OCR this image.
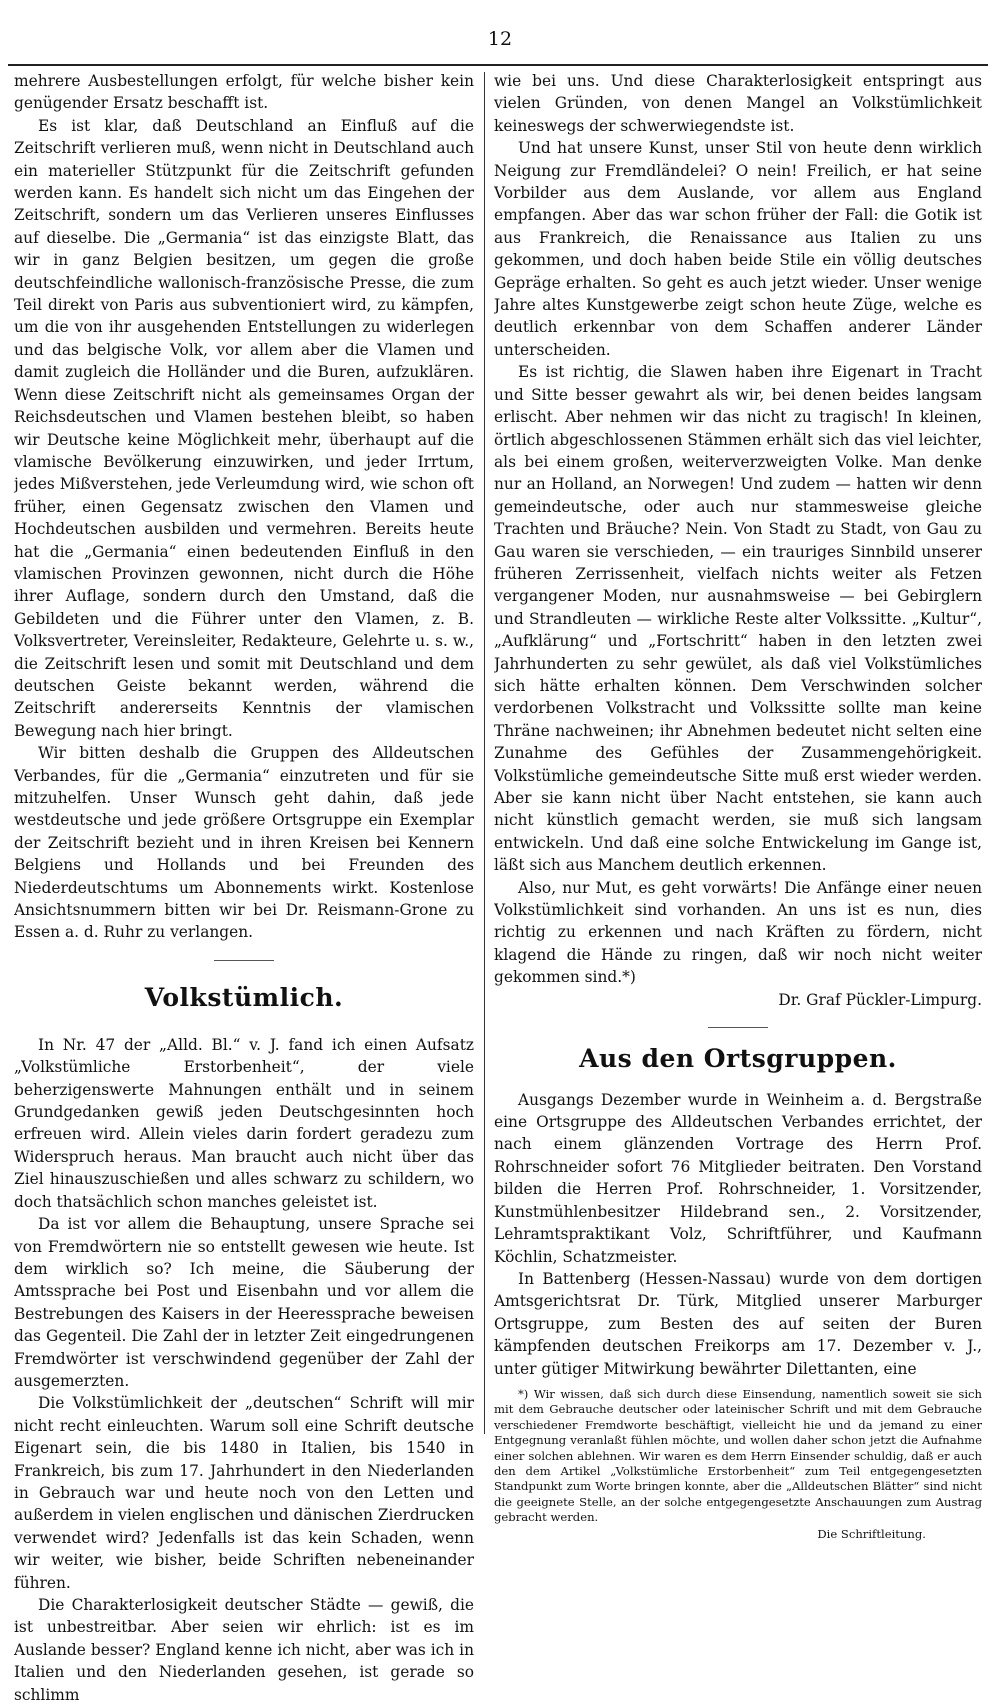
12

mehrere Ausbestellungen erfolgt, für welche bisher kein genügender Ersatz beschafft ist.

Es ist klar, daß Deutschland an Einfluß auf die Zeitschrift verlieren muß, wenn nicht in Deutschland auch ein materieller Stützpunkt für die Zeitschrift gefunden werden kann. Es handelt sich nicht um das Eingehen der Zeitschrift, sondern um das Verlieren unseres Einflusses auf dieselbe. Die „Germania“ ist das einzigste Blatt, das wir in ganz Belgien besitzen, um gegen die große deutschfeindliche wallonisch-französische Presse, die zum Teil direkt von Paris aus subventioniert wird, zu kämpfen, um die von ihr ausgehenden Entstellungen zu widerlegen und das belgische Volk, vor allem aber die Vlamen und damit zugleich die Holländer und die Buren, aufzuklären. Wenn diese Zeitschrift nicht als gemeinsames Organ der Reichsdeutschen und Vlamen bestehen bleibt, so haben wir Deutsche keine Möglichkeit mehr, überhaupt auf die vlamische Bevölkerung einzuwirken, und jeder Irrtum, jedes Mißverstehen, jede Verleumdung wird, wie schon oft früher, einen Gegensatz zwischen den Vlamen und Hochdeutschen ausbilden und vermehren. Bereits heute hat die „Germania“ einen bedeutenden Einfluß in den vlamischen Provinzen gewonnen, nicht durch die Höhe ihrer Auflage, sondern durch den Umstand, daß die Gebildeten und die Führer unter den Vlamen, z. B. Volksvertreter, Vereinsleiter, Redakteure, Gelehrte u. s. w., die Zeitschrift lesen und somit mit Deutschland und dem deutschen Geiste bekannt werden, während die Zeitschrift andererseits Kenntnis der vlamischen Bewegung nach hier bringt.

Wir bitten deshalb die Gruppen des Alldeutschen Verbandes, für die „Germania“ einzutreten und für sie mitzuhelfen. Unser Wunsch geht dahin, daß jede westdeutsche und jede größere Ortsgruppe ein Exemplar der Zeitschrift bezieht und in ihren Kreisen bei Kennern Belgiens und Hollands und bei Freunden des Niederdeutschtums um Abonnements wirkt. Kostenlose Ansichtsnummern bitten wir bei Dr. Reismann-Grone zu Essen a. d. Ruhr zu verlangen.

Volkstümlich.

In Nr. 47 der „Alld. Bl.“ v. J. fand ich einen Aufsatz „Volkstümliche Erstorbenheit“, der viele beherzigenswerte Mahnungen enthält und in seinem Grundgedanken gewiß jeden Deutschgesinnten hoch erfreuen wird. Allein vieles darin fordert geradezu zum Widerspruch heraus. Man braucht auch nicht über das Ziel hinauszuschießen und alles schwarz zu schildern, wo doch thatsächlich schon manches geleistet ist.

Da ist vor allem die Behauptung, unsere Sprache sei von Fremdwörtern nie so entstellt gewesen wie heute. Ist dem wirklich so? Ich meine, die Säuberung der Amtssprache bei Post und Eisenbahn und vor allem die Bestrebungen des Kaisers in der Heeressprache beweisen das Gegenteil. Die Zahl der in letzter Zeit eingedrungenen Fremdwörter ist verschwindend gegenüber der Zahl der ausgemerzten.

Die Volkstümlichkeit der „deutschen“ Schrift will mir nicht recht einleuchten. Warum soll eine Schrift deutsche Eigenart sein, die bis 1480 in Italien, bis 1540 in Frankreich, bis zum 17. Jahrhundert in den Niederlanden in Gebrauch war und heute noch von den Letten und außerdem in vielen englischen und dänischen Zierdrucken verwendet wird? Jedenfalls ist das kein Schaden, wenn wir weiter, wie bisher, beide Schriften nebeneinander führen.

Die Charakterlosigkeit deutscher Städte — gewiß, die ist unbestreitbar. Aber seien wir ehrlich: ist es im Auslande besser? England kenne ich nicht, aber was ich in Italien und den Niederlanden gesehen, ist gerade so schlimm

wie bei uns. Und diese Charakterlosigkeit entspringt aus vielen Gründen, von denen Mangel an Volkstümlichkeit keineswegs der schwerwiegendste ist.

Und hat unsere Kunst, unser Stil von heute denn wirklich Neigung zur Fremdländelei? O nein! Freilich, er hat seine Vorbilder aus dem Auslande, vor allem aus England empfangen. Aber das war schon früher der Fall: die Gotik ist aus Frankreich, die Renaissance aus Italien zu uns gekommen, und doch haben beide Stile ein völlig deutsches Gepräge erhalten. So geht es auch jetzt wieder. Unser wenige Jahre altes Kunstgewerbe zeigt schon heute Züge, welche es deutlich erkennbar von dem Schaffen anderer Länder unterscheiden.

Es ist richtig, die Slawen haben ihre Eigenart in Tracht und Sitte besser gewahrt als wir, bei denen beides langsam erlischt. Aber nehmen wir das nicht zu tragisch! In kleinen, örtlich abgeschlossenen Stämmen erhält sich das viel leichter, als bei einem großen, weiterverzweigten Volke. Man denke nur an Holland, an Norwegen! Und zudem — hatten wir denn gemeindeutsche, oder auch nur stammesweise gleiche Trachten und Bräuche? Nein. Von Stadt zu Stadt, von Gau zu Gau waren sie verschieden, — ein trauriges Sinnbild unserer früheren Zerrissenheit, vielfach nichts weiter als Fetzen vergangener Moden, nur ausnahmsweise — bei Gebirglern und Strandleuten — wirkliche Reste alter Volkssitte. „Kultur“, „Aufklärung“ und „Fortschritt“ haben in den letzten zwei Jahrhunderten zu sehr gewület, als daß viel Volkstümliches sich hätte erhalten können. Dem Verschwinden solcher verdorbenen Volkstracht und Volkssitte sollte man keine Thräne nachweinen; ihr Abnehmen bedeutet nicht selten eine Zunahme des Gefühles der Zusammengehörigkeit. Volkstümliche gemeindeutsche Sitte muß erst wieder werden. Aber sie kann nicht über Nacht entstehen, sie kann auch nicht künstlich gemacht werden, sie muß sich langsam entwickeln. Und daß eine solche Entwickelung im Gange ist, läßt sich aus Manchem deutlich erkennen.

Also, nur Mut, es geht vorwärts! Die Anfänge einer neuen Volkstümlichkeit sind vorhanden. An uns ist es nun, dies richtig zu erkennen und nach Kräften zu fördern, nicht klagend die Hände zu ringen, daß wir noch nicht weiter gekommen sind.*)

Dr. Graf Pückler-Limpurg.
Aus den Ortsgruppen.

Ausgangs Dezember wurde in Weinheim a. d. Bergstraße eine Ortsgruppe des Alldeutschen Verbandes errichtet, der nach einem glänzenden Vortrage des Herrn Prof. Rohrschneider sofort 76 Mitglieder beitraten. Den Vorstand bilden die Herren Prof. Rohrschneider, 1. Vorsitzender, Kunstmühlenbesitzer Hildebrand sen., 2. Vorsitzender, Lehramtspraktikant Volz, Schriftführer, und Kaufmann Köchlin, Schatzmeister.

In Battenberg (Hessen-Nassau) wurde von dem dortigen Amtsgerichtsrat Dr. Türk, Mitglied unserer Marburger Ortsgruppe, zum Besten des auf seiten der Buren kämpfenden deutschen Freikorps am 17. Dezember v. J., unter gütiger Mitwirkung bewährter Dilettanten, eine

*) Wir wissen, daß sich durch diese Einsendung, namentlich soweit sie sich mit dem Gebrauche deutscher oder lateinischer Schrift und mit dem Gebrauche verschiedener Fremdworte beschäftigt, vielleicht hie und da jemand zu einer Entgegnung veranlaßt fühlen möchte, und wollen daher schon jetzt die Aufnahme einer solchen ablehnen. Wir waren es dem Herrn Einsender schuldig, daß er auch den dem Artikel „Volkstümliche Erstorbenheit“ zum Teil entgegengesetzten Standpunkt zum Worte bringen konnte, aber die „Alldeutschen Blätter“ sind nicht die geeignete Stelle, an der solche entgegengesetzte Anschauungen zum Austrag gebracht werden.

Die Schriftleitung.
